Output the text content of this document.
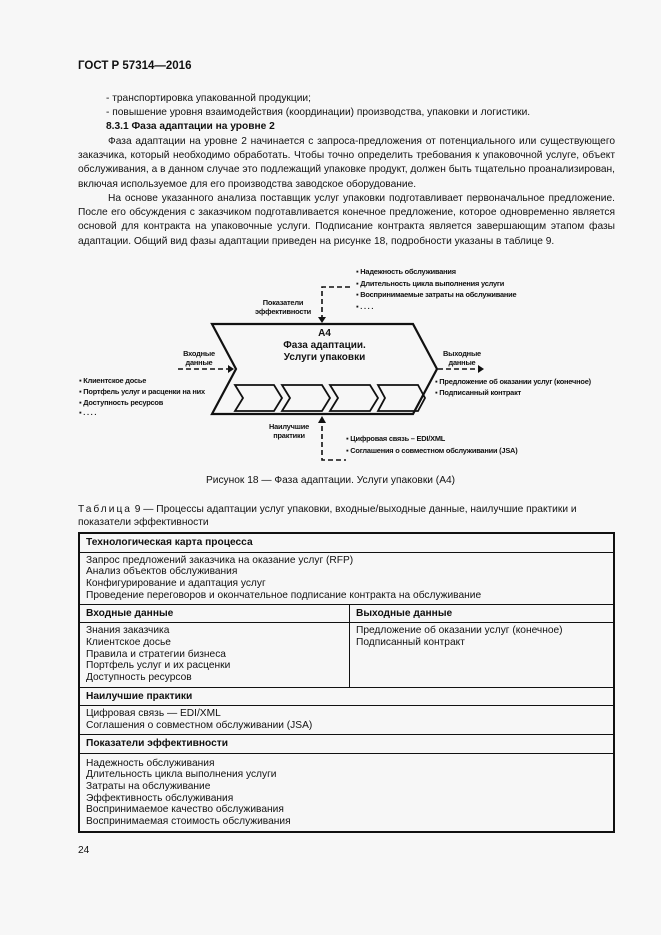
ГОСТ Р 57314—2016
- транспортировка упакованной продукции;
- повышение уровня взаимодействия (координации) производства, упаковки и логистики.
8.3.1 Фаза адаптации на уровне 2
Фаза адаптации на уровне 2 начинается с запроса-предложения от потенциального или существующего заказчика, который необходимо обработать. Чтобы точно определить требования к упаковочной услуге, объект обслуживания, а в данном случае это подлежащий упаковке продукт, должен быть тщательно проанализирован, включая используемое для его производства заводское оборудование.
На основе указанного анализа поставщик услуг упаковки подготавливает первоначальное предложение. После его обсуждения с заказчиком подготавливается конечное предложение, которое одновременно является основой для контракта на упаковочные услуги. Подписание контракта является завершающим этапом фазы адаптации. Общий вид фазы адаптации приведен на рисунке 18, подробности указаны в таблице 9.
▪ Надежность обслуживания
▪ Длительность цикла выполнения услуги
▪ Воспринимаемые затраты на обслуживание
▪ . . . .
Показатели
эффективности
A4
Фаза адаптации.
Услуги упаковки
Входные
данные
▪ Клиентское досье
▪ Портфель услуг и расценки на них
▪ Доступность ресурсов
▪ . . . .
Выходные
данные
▪ Предложение об оказании услуг (конечное)
▪ Подписанный контракт
Наилучшие
практики	▪ Цифровая связь – EDI/XML
▪ Соглашения о совместном обслуживании (JSA)
Рисунок 18 — Фаза адаптации. Услуги упаковки (А4)
Таблица 9 — Процессы адаптации услуг упаковки, входные/выходные данные, наилучшие практики и показатели эффективности
Технологическая карта процесса	

Запрос предложений заказчика на оказание услуг (RFP)
Анализ объектов обслуживания
Конфигурирование и адаптация услуг
Проведение переговоров и окончательное подписание контракта на обслуживание	

Входные данные	Выходные данные

Знания заказчика
Клиентское досье
Правила и стратегии бизнеса
Портфель услуг и их расценки
Доступность ресурсов

Предложение об оказании услуг (конечное)
Подписанный контракт

Наилучшие практики	

Цифровая связь — EDI/XML
Соглашения о совместном обслуживании (JSA)	

Показатели эффективности	

Надежность обслуживания
Длительность цикла выполнения услуги
Затраты на обслуживание
Эффективность обслуживания
Воспринимаемое качество обслуживания
Воспринимаемая стоимость обслуживания
24
